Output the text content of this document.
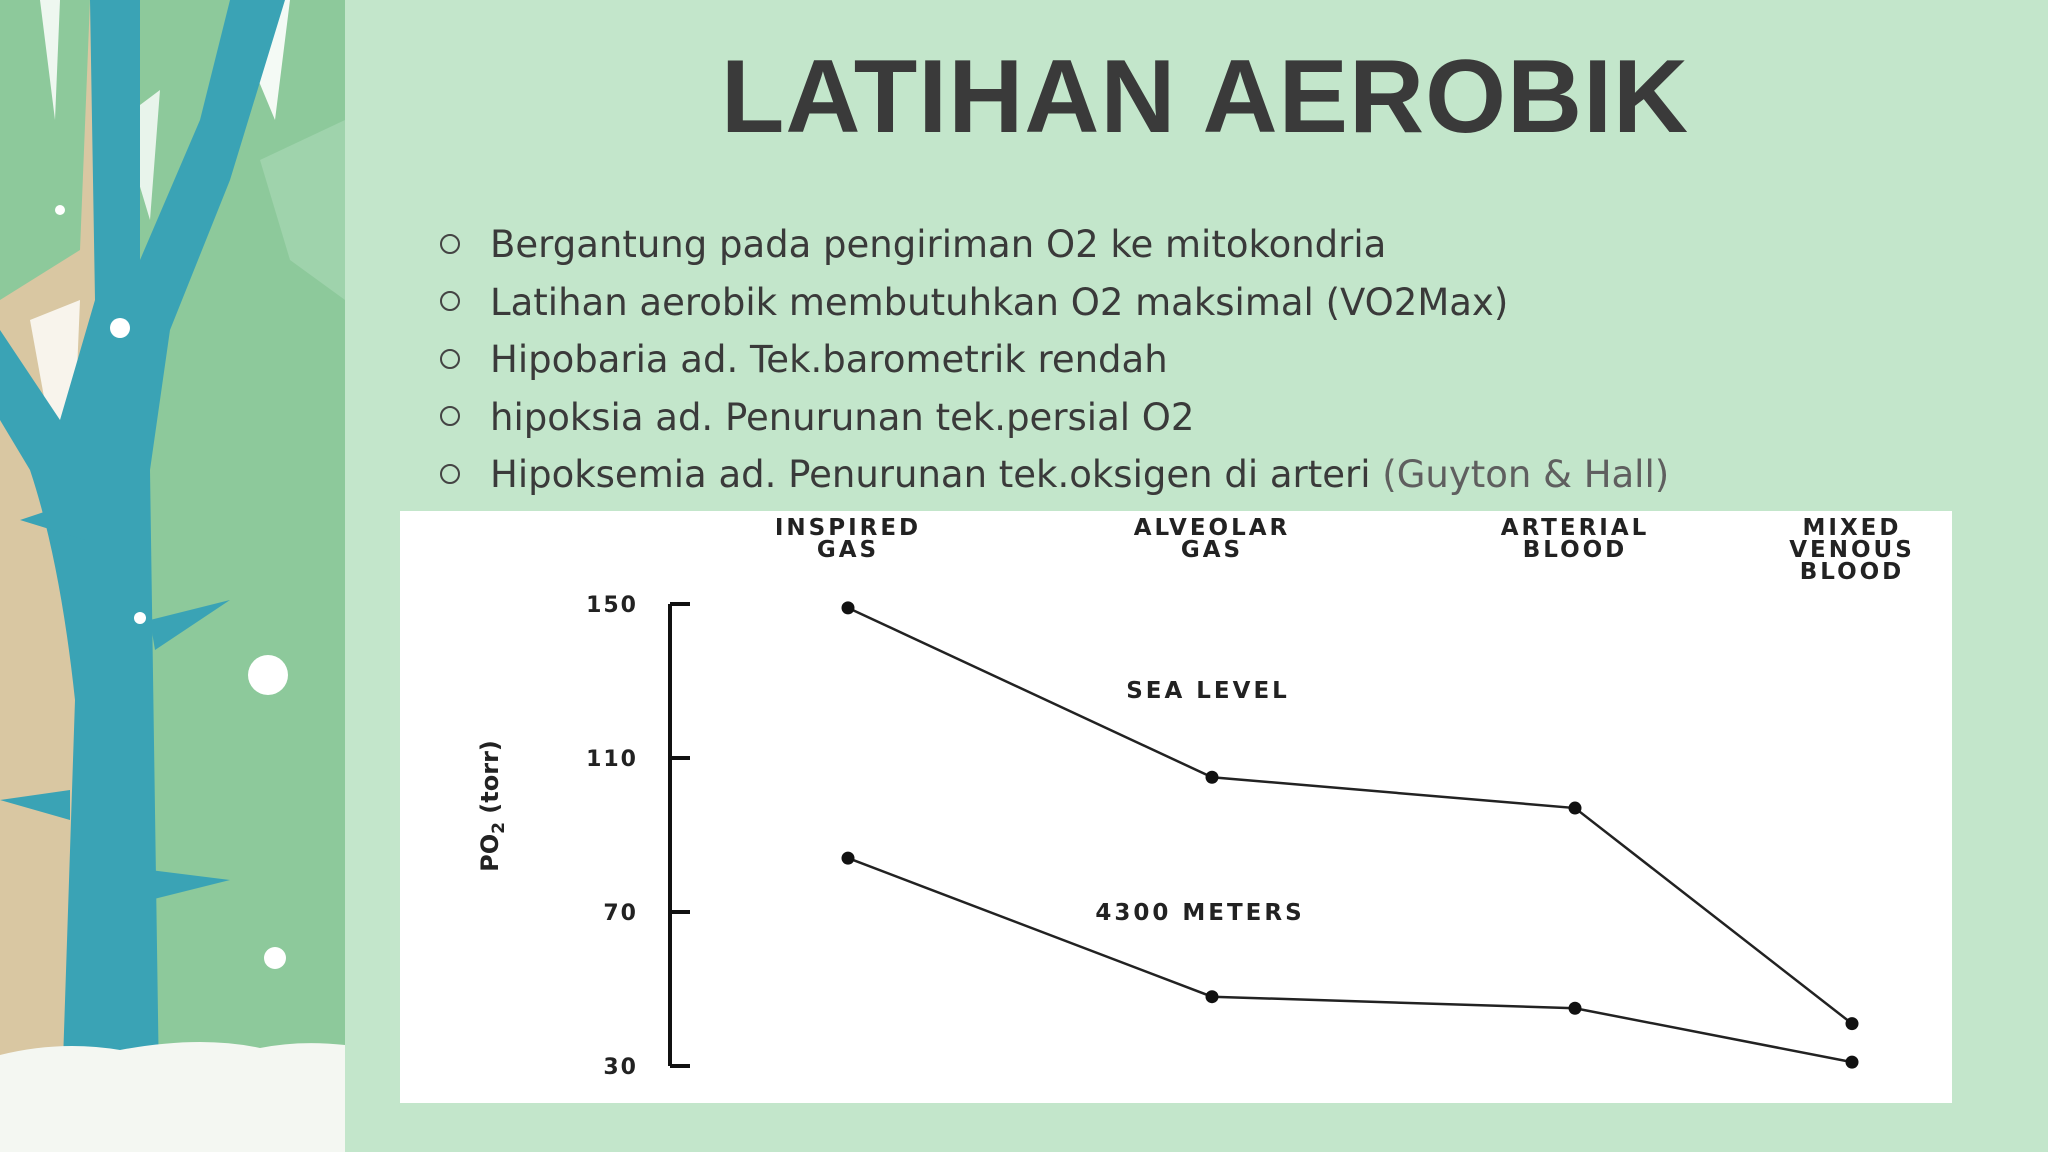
LATIHAN AEROBIK
Bergantung pada pengiriman O2 ke mitokondria
Latihan aerobik membutuhkan O2 maksimal (VO2Max)
Hipobaria ad. Tek.barometrik rendah
hipoksia ad. Penurunan tek.persial O2
Hipoksemia ad. Penurunan tek.oksigen di arteri (Guyton & Hall)
INSPIRED GAS
ALVEOLAR GAS
ARTERIAL BLOOD
MIXED VENOUS BLOOD
150
110
70
30
SEA LEVEL
4300 METERS
$PO_2$ (torr)
